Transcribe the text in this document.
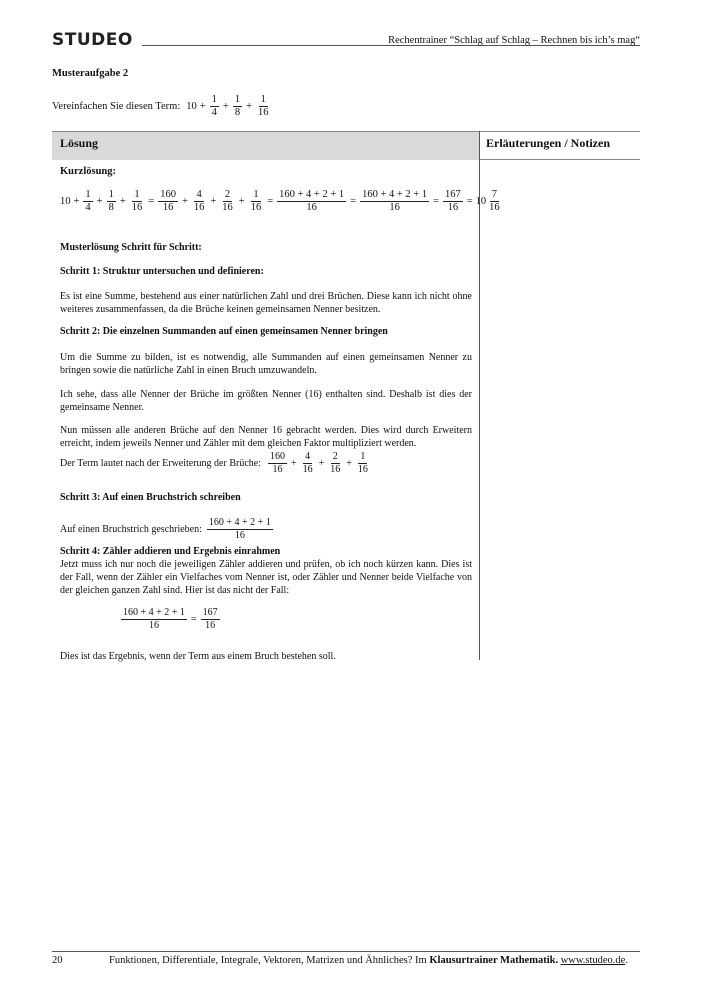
STUDEO	Rechentrainer “Schlag auf Schlag – Rechnen bis ich’s mag“
Musteraufgabe 2
Vereinfachen Sie diesen Term: $10 + \frac{1}{4} + \frac{1}{8} + \frac{1}{16}$
Lösung	Erläuterungen / Notizen
Kurzlösung:
$10 + \frac{1}{4} + \frac{1}{8} + \frac{1}{16} = \frac{160}{16} + \frac{4}{16} + \frac{2}{16} + \frac{1}{16} = \frac{160 + 4 + 2 + 1}{16} = \frac{160 + 4 + 2 + 1}{16} = \frac{167}{16} = 10 \frac{7}{16}$
Musterlösung Schritt für Schritt:
Schritt 1: Struktur untersuchen und definieren:
Es ist eine Summe, bestehend aus einer natürlichen Zahl und drei Brüchen. Diese kann ich nicht ohne weiteres zusammenfassen, da die Brüche keinen gemeinsamen Nenner besitzen.
Schritt 2: Die einzelnen Summanden auf einen gemeinsamen Nenner bringen
Um die Summe zu bilden, ist es notwendig, alle Summanden auf einen gemeinsamen Nenner zu bringen sowie die natürliche Zahl in einen Bruch umzuwandeln.
Ich sehe, dass alle Nenner der Brüche im größten Nenner (16) enthalten sind. Deshalb ist dies der gemeinsame Nenner.
Nun müssen alle anderen Brüche auf den Nenner 16 gebracht werden. Dies wird durch Erweitern erreicht, indem jeweils Nenner und Zähler mit dem gleichen Faktor multipliziert werden.
Der Term lautet nach der Erweiterung der Brüche: $\frac{160}{16} + \frac{4}{16} + \frac{2}{16} + \frac{1}{16}$
Schritt 3: Auf einen Bruchstrich schreiben
Auf einen Bruchstrich geschrieben: $\frac{160 + 4 + 2 + 1}{16}$
Schritt 4: Zähler addieren und Ergebnis einrahmen
Jetzt muss ich nur noch die jeweiligen Zähler addieren und prüfen, ob ich noch kürzen kann. Dies ist der Fall, wenn der Zähler ein Vielfaches vom Nenner ist, oder Zähler und Nenner beide Vielfache von der gleichen ganzen Zahl sind. Hier ist das nicht der Fall:
$\frac{160 + 4 + 2 + 1}{16} = \frac{167}{16}$
Dies ist das Ergebnis, wenn der Term aus einem Bruch bestehen soll.
20	Funktionen, Differentiale, Integrale, Vektoren, Matrizen und Ähnliches? Im Klausurtrainer Mathematik. www.studeo.de.
